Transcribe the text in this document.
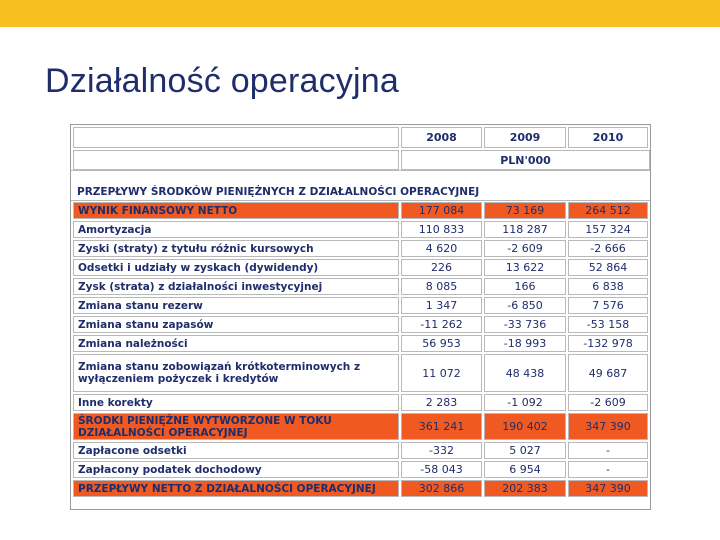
Działalność operacyjna
2008	2009	2010
PLN'000
PRZEPŁYWY ŚRODKÓW PIENIĘŻNYCH Z DZIAŁALNOŚCI OPERACYJNEJ
WYNIK FINANSOWY NETTO	177 084	73 169	264 512
Amortyzacja	110 833	118 287	157 324
Zyski (straty) z tytułu różnic kursowych	4 620	-2 609	-2 666
Odsetki i udziały w zyskach (dywidendy)	226	13 622	52 864
Zysk (strata) z działalności inwestycyjnej	8 085	166	6 838
Zmiana stanu rezerw	1 347	-6 850	7 576
Zmiana stanu zapasów	-11 262	-33 736	-53 158
Zmiana należności	56 953	-18 993	-132 978
Zmiana stanu zobowiązań krótkoterminowych z wyłączeniem pożyczek i kredytów	11 072	48 438	49 687
Inne korekty	2 283	-1 092	-2 609
ŚRODKI PIENIĘŻNE WYTWORZONE W TOKU DZIAŁALNOŚCI OPERACYJNEJ	361 241	190 402	347 390
Zapłacone odsetki	-332	5 027	-
Zapłacony podatek dochodowy	-58 043	6 954	-
PRZEPŁYWY NETTO Z DZIAŁALNOŚCI OPERACYJNEJ	302 866	202 383	347 390
